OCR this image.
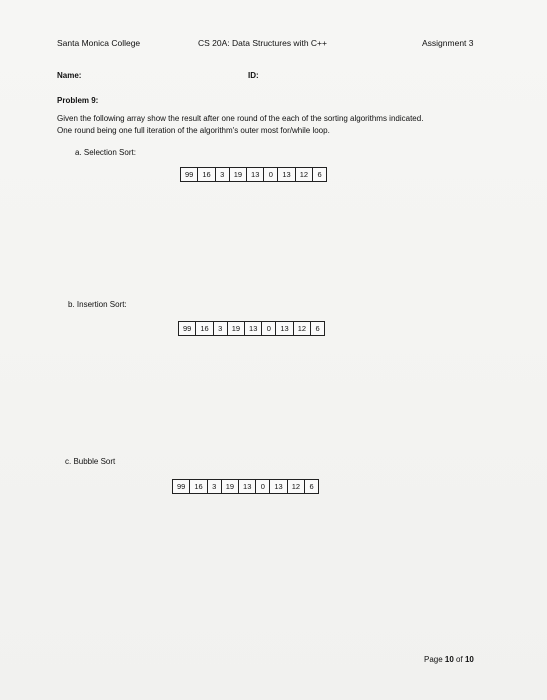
Santa Monica College	CS 20A: Data Structures with C++	Assignment 3
Name:	ID:
Problem 9:
Given the following array show the result after one round of the each of the sorting algorithms indicated.
One round being one full iteration of the algorithm's outer most for/while loop.
a. Selection Sort:
99	16	3	19	13	0	13	12	6
b. Insertion Sort:
99	16	3	19	13	0	13	12	6
c. Bubble Sort
99	16	3	19	13	0	13	12	6
Page 10 of 10
